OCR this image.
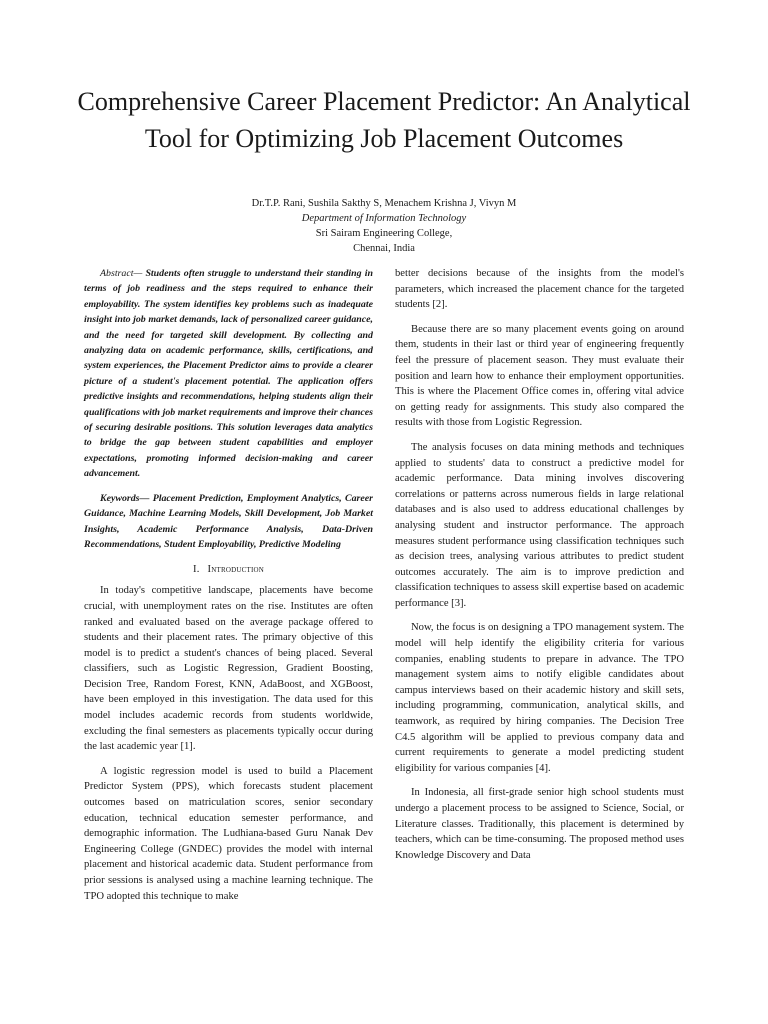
Comprehensive Career Placement Predictor: An Analytical Tool for Optimizing Job Placement Outcomes
Dr.T.P. Rani, Sushila Sakthy S, Menachem Krishna J, Vivyn M
Department of Information Technology
Sri Sairam Engineering College,
Chennai, India

Abstract— Students often struggle to understand their standing in terms of job readiness and the steps required to enhance their employability. The system identifies key problems such as inadequate insight into job market demands, lack of personalized career guidance, and the need for targeted skill development. By collecting and analyzing data on academic performance, skills, certifications, and system experiences, the Placement Predictor aims to provide a clearer picture of a student's placement potential. The application offers predictive insights and recommendations, helping students align their qualifications with job market requirements and improve their chances of securing desirable positions. This solution leverages data analytics to bridge the gap between student capabilities and employer expectations, promoting informed decision-making and career advancement.

Keywords— Placement Prediction, Employment Analytics, Career Guidance, Machine Learning Models, Skill Development, Job Market Insights, Academic Performance Analysis, Data-Driven Recommendations, Student Employability, Predictive Modeling

I. Introduction

In today's competitive landscape, placements have become crucial, with unemployment rates on the rise. Institutes are often ranked and evaluated based on the average package offered to students and their placement rates. The primary objective of this model is to predict a student's chances of being placed. Several classifiers, such as Logistic Regression, Gradient Boosting, Decision Tree, Random Forest, KNN, AdaBoost, and XGBoost, have been employed in this investigation. The data used for this model includes academic records from students worldwide, excluding the final semesters as placements typically occur during the last academic year [1].

A logistic regression model is used to build a Placement Predictor System (PPS), which forecasts student placement outcomes based on matriculation scores, senior secondary education, technical education semester performance, and demographic information. The Ludhiana-based Guru Nanak Dev Engineering College (GNDEC) provides the model with internal placement and historical academic data. Student performance from prior sessions is analysed using a machine learning technique. The TPO adopted this technique to make

better decisions because of the insights from the model's parameters, which increased the placement chance for the targeted students [2].

Because there are so many placement events going on around them, students in their last or third year of engineering frequently feel the pressure of placement season. They must evaluate their position and learn how to enhance their employment opportunities. This is where the Placement Office comes in, offering vital advice on getting ready for assignments. This study also compared the results with those from Logistic Regression.

The analysis focuses on data mining methods and techniques applied to students' data to construct a predictive model for academic performance. Data mining involves discovering correlations or patterns across numerous fields in large relational databases and is also used to address educational challenges by analysing student and instructor performance. The approach measures student performance using classification techniques such as decision trees, analysing various attributes to predict student outcomes accurately. The aim is to improve prediction and classification techniques to assess skill expertise based on academic performance [3].

Now, the focus is on designing a TPO management system. The model will help identify the eligibility criteria for various companies, enabling students to prepare in advance. The TPO management system aims to notify eligible candidates about campus interviews based on their academic history and skill sets, including programming, communication, analytical skills, and teamwork, as required by hiring companies. The Decision Tree C4.5 algorithm will be applied to previous company data and current requirements to generate a model predicting student eligibility for various companies [4].

In Indonesia, all first-grade senior high school students must undergo a placement process to be assigned to Science, Social, or Literature classes. Traditionally, this placement is determined by teachers, which can be time-consuming. The proposed method uses Knowledge Discovery and Data
